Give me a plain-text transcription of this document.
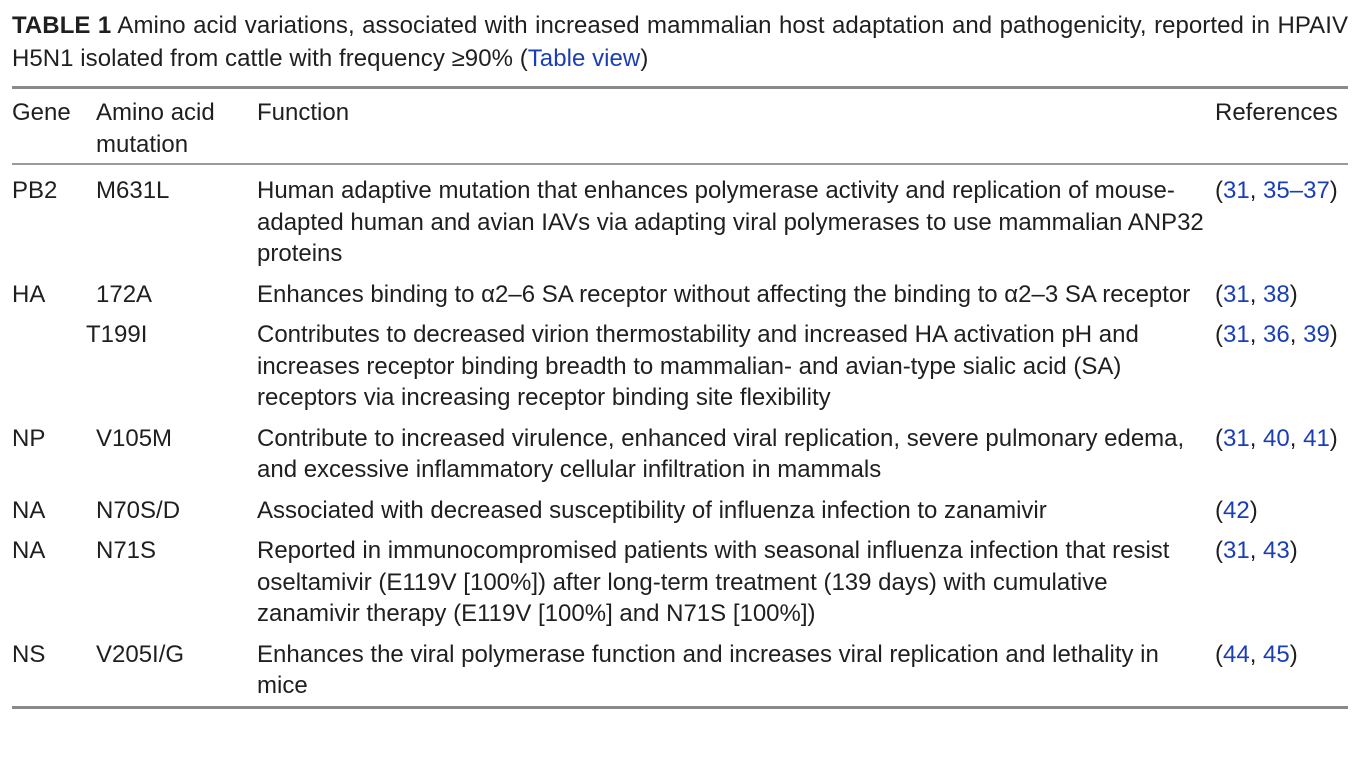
TABLE 1 Amino acid variations, associated with increased mammalian host adaptation and pathogenicity, reported in HPAIV H5N1 isolated from cattle with frequency ≥90% (Table view)

Gene	Amino acid mutation	Function	References
PB2	M631L	Human adaptive mutation that enhances polymerase activity and replication of mouse-adapted human and avian IAVs via adapting viral polymerases to use mammalian ANP32 proteins	(31, 35–37)
HA	172A	Enhances binding to α2–6 SA receptor without affecting the binding to α2–3 SA receptor	(31, 38)
	T199I	Contributes to decreased virion thermostability and increased HA activation pH and increases receptor binding breadth to mammalian- and avian-type sialic acid (SA) receptors via increasing receptor binding site flexibility	(31, 36, 39)
NP	V105M	Contribute to increased virulence, enhanced viral replication, severe pulmonary edema, and excessive inflammatory cellular infiltration in mammals	(31, 40, 41)
NA	N70S/D	Associated with decreased susceptibility of influenza infection to zanamivir	(42)
NA	N71S	Reported in immunocompromised patients with seasonal influenza infection that resist oseltamivir (E119V [100%]) after long-term treatment (139 days) with cumulative zanamivir therapy (E119V [100%] and N71S [100%])	(31, 43)
NS	V205I/G	Enhances the viral polymerase function and increases viral replication and lethality in mice	(44, 45)
